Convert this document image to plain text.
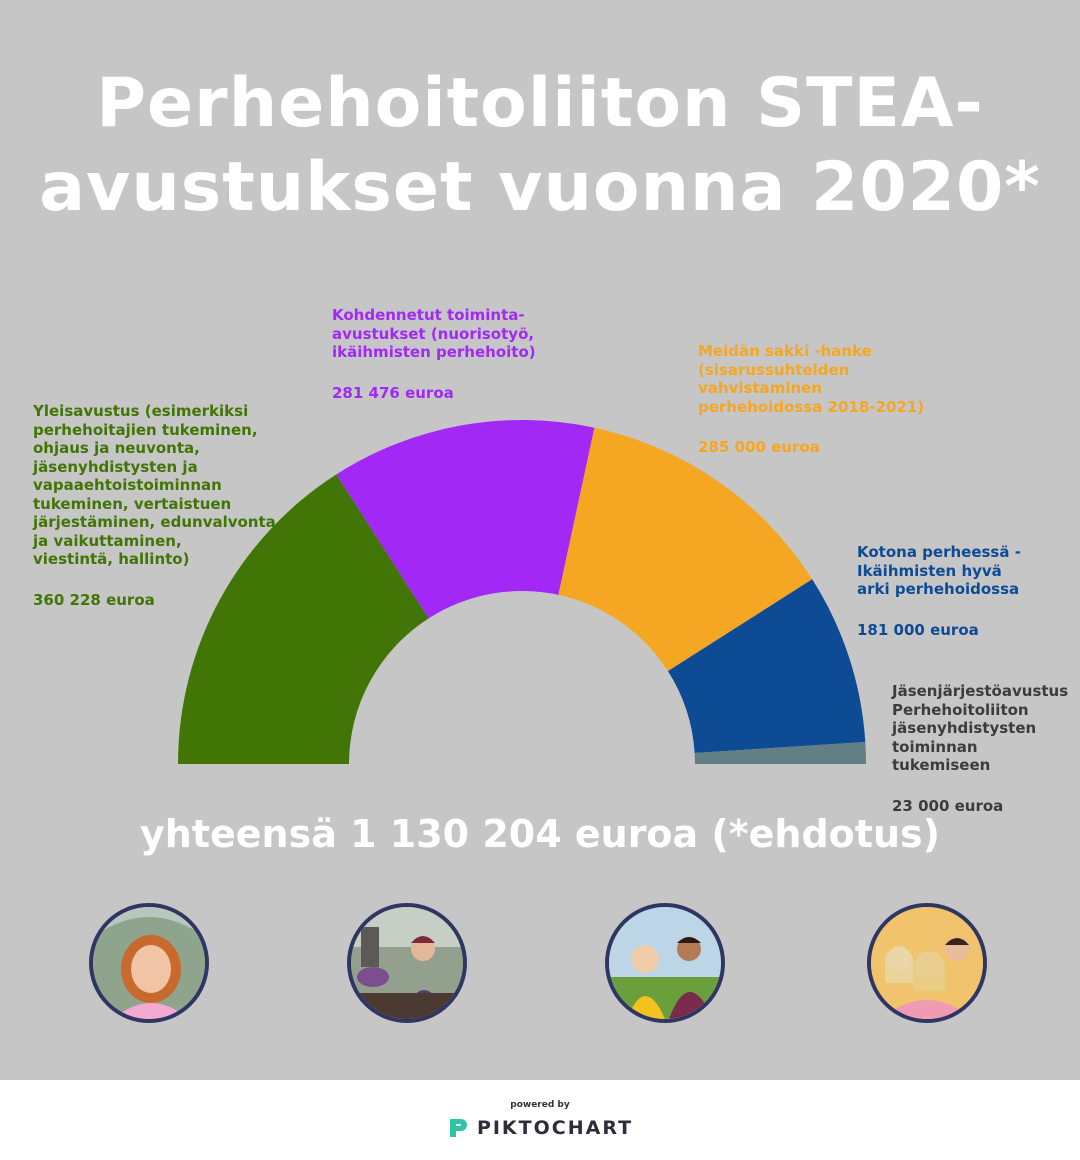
Perhehoitoliiton STEA-
avustukset vuonna 2020*
Yleisavustus (esimerkiksi
perhehoitajien tukeminen,
ohjaus ja neuvonta,
jäsenyhdistysten ja
vapaaehtoistoiminnan
tukeminen, vertaistuen
järjestäminen, edunvalvonta
ja vaikuttaminen,
viestintä, hallinto)
360 228 euroa
Kohdennetut toiminta-
avustukset (nuorisotyö,
ikäihmisten perhehoito)
281 476 euroa
Meidän sakki -hanke
(sisarussuhteiden
vahvistaminen
perhehoidossa 2018-2021)
285 000 euroa
Kotona perheessä -
Ikäihmisten hyvä
arki perhehoidossa
181 000 euroa
Jäsenjärjestöavustus
Perhehoitoliiton
jäsenyhdistysten
toiminnan tukemiseen
23 000 euroa
yhteensä 1 130 204 euroa (*ehdotus)
powered by
PIKTOCHART
